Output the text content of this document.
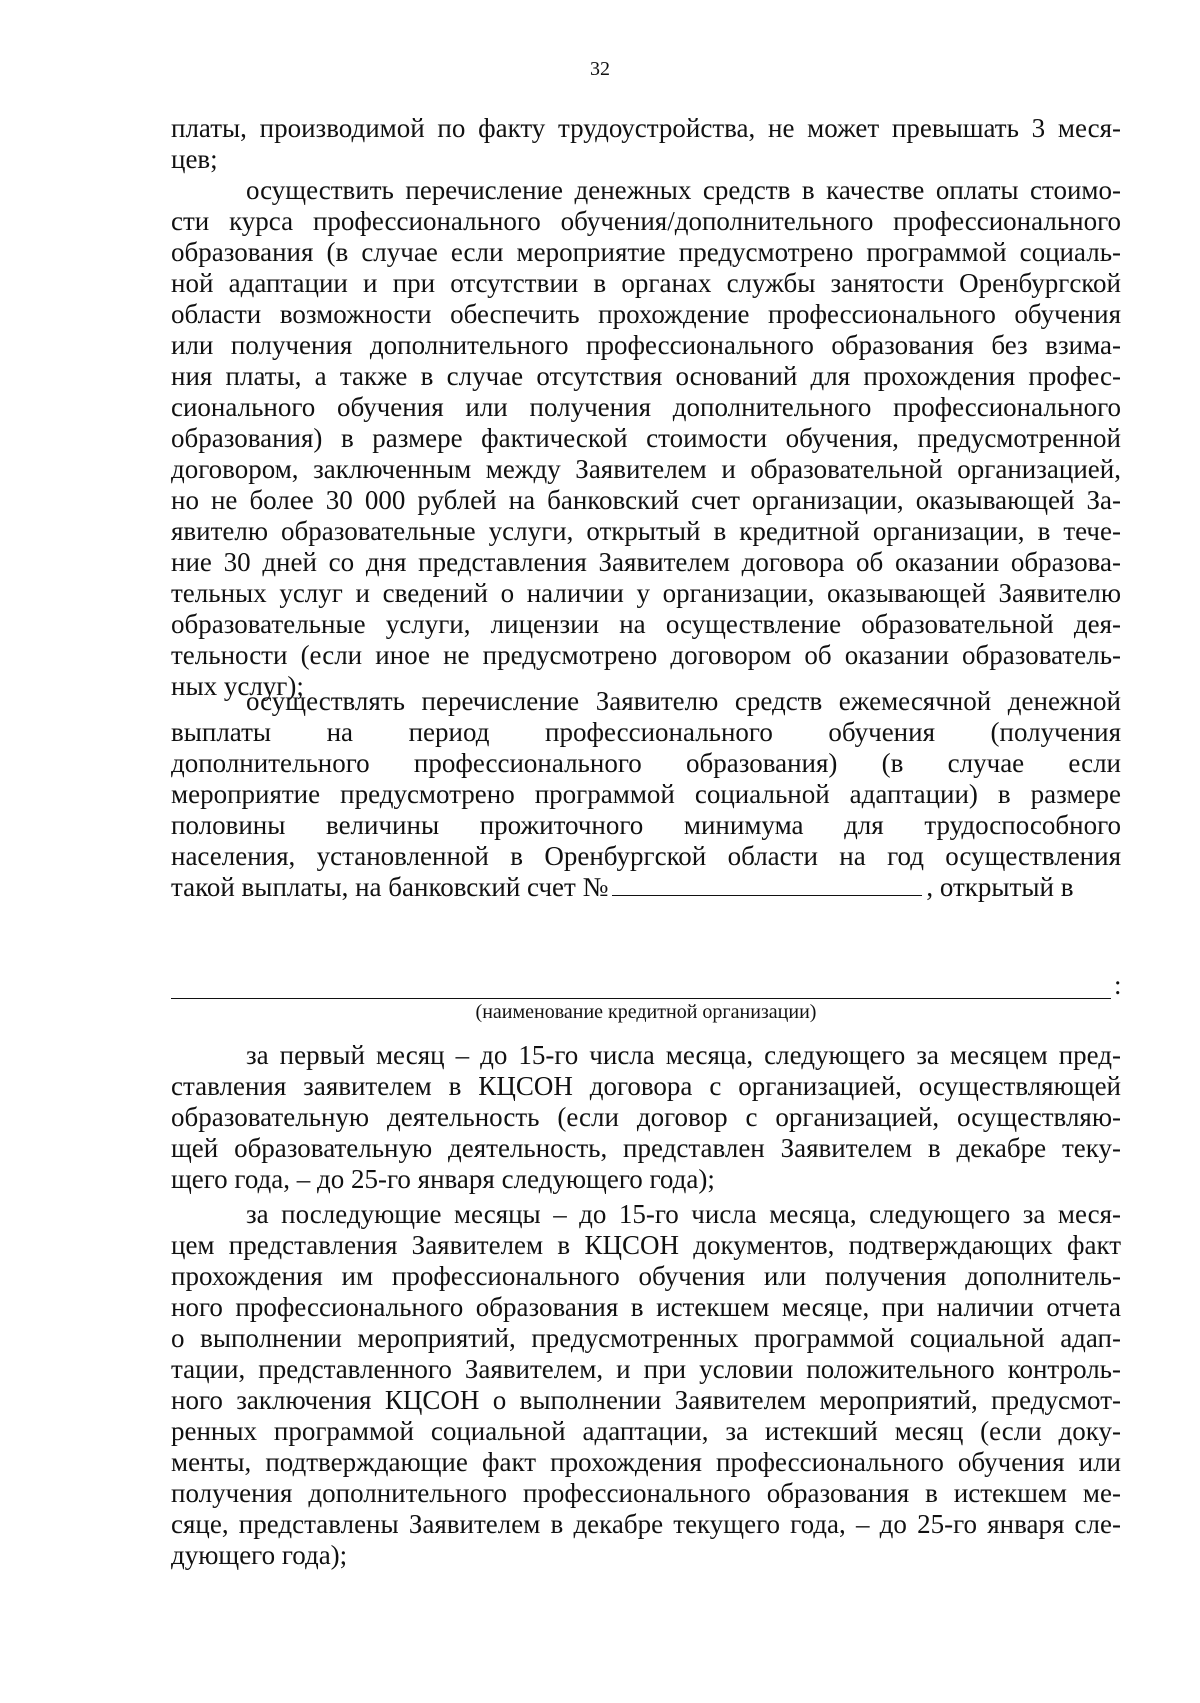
32
платы, производимой по факту трудоустройства, не может превышать 3 меся-
цев;
осуществить перечисление денежных средств в качестве оплаты стоимо-
сти курса профессионального обучения/дополнительного профессионального
образования (в случае если мероприятие предусмотрено программой социаль-
ной адаптации и при отсутствии в органах службы занятости Оренбургской
области возможности обеспечить прохождение профессионального обучения
или получения дополнительного профессионального образования без взима-
ния платы, а также в случае отсутствия оснований для прохождения профес-
сионального обучения или получения дополнительного профессионального
образования) в размере фактической стоимости обучения, предусмотренной
договором, заключенным между Заявителем и образовательной организацией,
но не более 30 000 рублей на банковский счет организации, оказывающей За-
явителю образовательные услуги, открытый в кредитной организации, в тече-
ние 30 дней со дня представления Заявителем договора об оказании образова-
тельных услуг и сведений о наличии у организации, оказывающей Заявителю
образовательные услуги, лицензии на осуществление образовательной дея-
тельности (если иное не предусмотрено договором об оказании образователь-
ных услуг);
осуществлять перечисление Заявителю средств ежемесячной денежной
выплаты на период профессионального обучения (получения
дополнительного профессионального образования) (в случае если
мероприятие предусмотрено программой социальной адаптации) в размере
половины величины прожиточного минимума для трудоспособного
населения, установленной в Оренбургской области на год осуществления
такой выплаты, на банковский счет №	, открытый в
:
(наименование кредитной организации)
за первый месяц – до 15-го числа месяца, следующего за месяцем пред-
ставления заявителем в КЦСОН договора с организацией, осуществляющей
образовательную деятельность (если договор с организацией, осуществляю-
щей образовательную деятельность, представлен Заявителем в декабре теку-
щего года, – до 25-го января следующего года);
за последующие месяцы – до 15-го числа месяца, следующего за меся-
цем представления Заявителем в КЦСОН документов, подтверждающих факт
прохождения им профессионального обучения или получения дополнитель-
ного профессионального образования в истекшем месяце, при наличии отчета
о выполнении мероприятий, предусмотренных программой социальной адап-
тации, представленного Заявителем, и при условии положительного контроль-
ного заключения КЦСОН о выполнении Заявителем мероприятий, предусмот-
ренных программой социальной адаптации, за истекший месяц (если доку-
менты, подтверждающие факт прохождения профессионального обучения или
получения дополнительного профессионального образования в истекшем ме-
сяце, представлены Заявителем в декабре текущего года, – до 25-го января сле-
дующего года);
